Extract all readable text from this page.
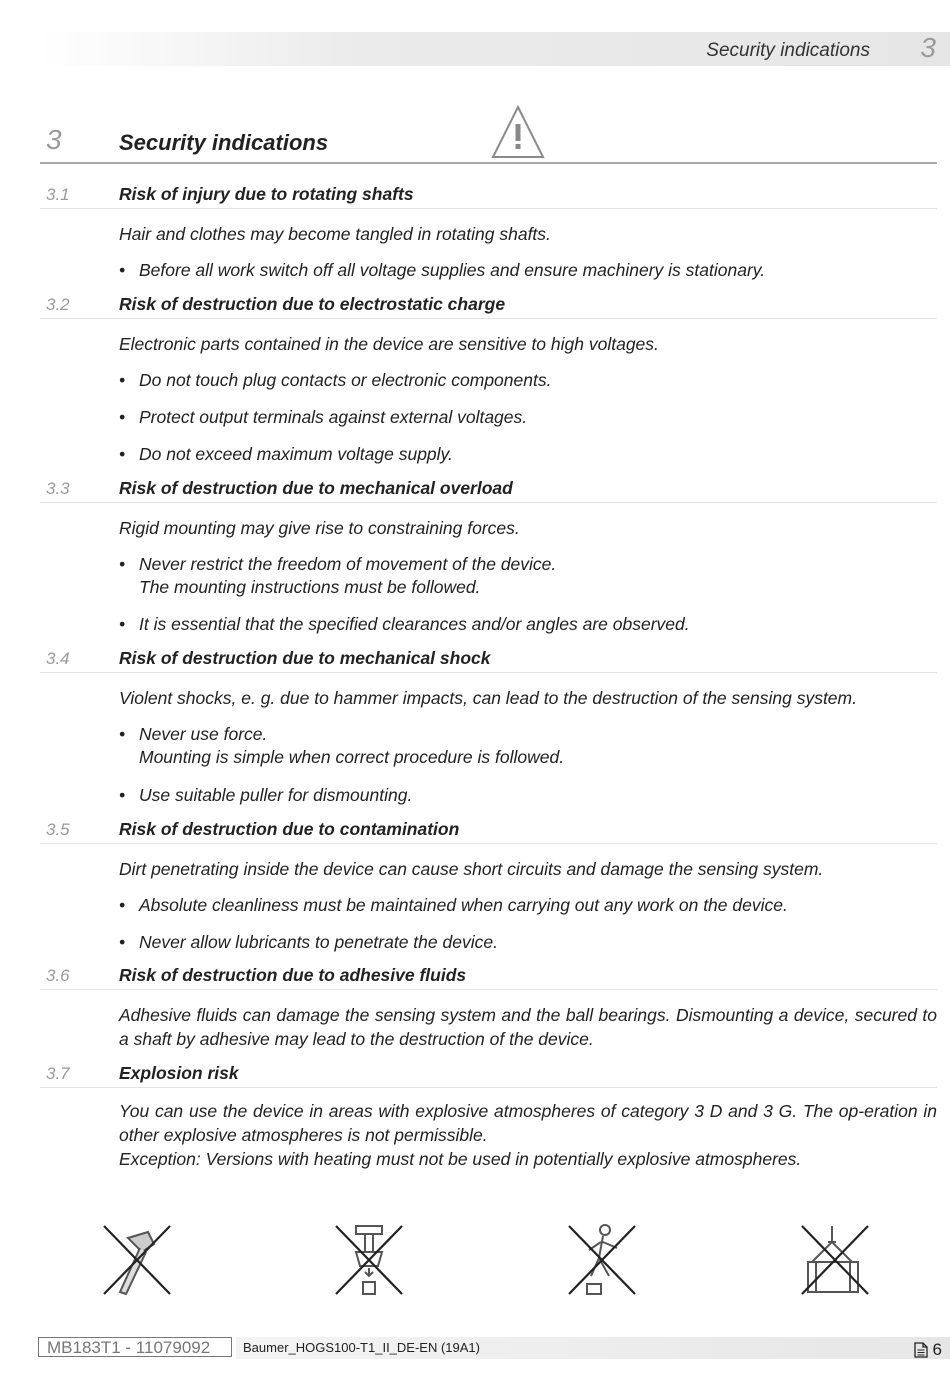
Security indications 3
3	Security indications
3.1	Risk of injury due to rotating shafts
Hair and clothes may become tangled in rotating shafts.
• Before all work switch off all voltage supplies and ensure machinery is stationary.
3.2	Risk of destruction due to electrostatic charge
Electronic parts contained in the device are sensitive to high voltages.
• Do not touch plug contacts or electronic components.
• Protect output terminals against external voltages.
• Do not exceed maximum voltage supply.
3.3	Risk of destruction due to mechanical overload
Rigid mounting may give rise to constraining forces.
• Never restrict the freedom of movement of the device.
The mounting instructions must be followed.
• It is essential that the specified clearances and/or angles are observed.
3.4	Risk of destruction due to mechanical shock
Violent shocks, e. g. due to hammer impacts, can lead to the destruction of the sensing system.
• Never use force.
Mounting is simple when correct procedure is followed.
• Use suitable puller for dismounting.
3.5	Risk of destruction due to contamination
Dirt penetrating inside the device can cause short circuits and damage the sensing system.
• Absolute cleanliness must be maintained when carrying out any work on the device.
• Never allow lubricants to penetrate the device.
3.6	Risk of destruction due to adhesive fluids
Adhesive fluids can damage the sensing system and the ball bearings. Dismounting a device, secured to a shaft by adhesive may lead to the destruction of the device.
3.7	Explosion risk
You can use the device in areas with explosive atmospheres of category 3 D and 3 G. The op-eration in other explosive atmospheres is not permissible.
Exception: Versions with heating must not be used in potentially explosive atmospheres.
MB183T1 - 11079092	Baumer_HOGS100-T1_II_DE-EN (19A1)	6
